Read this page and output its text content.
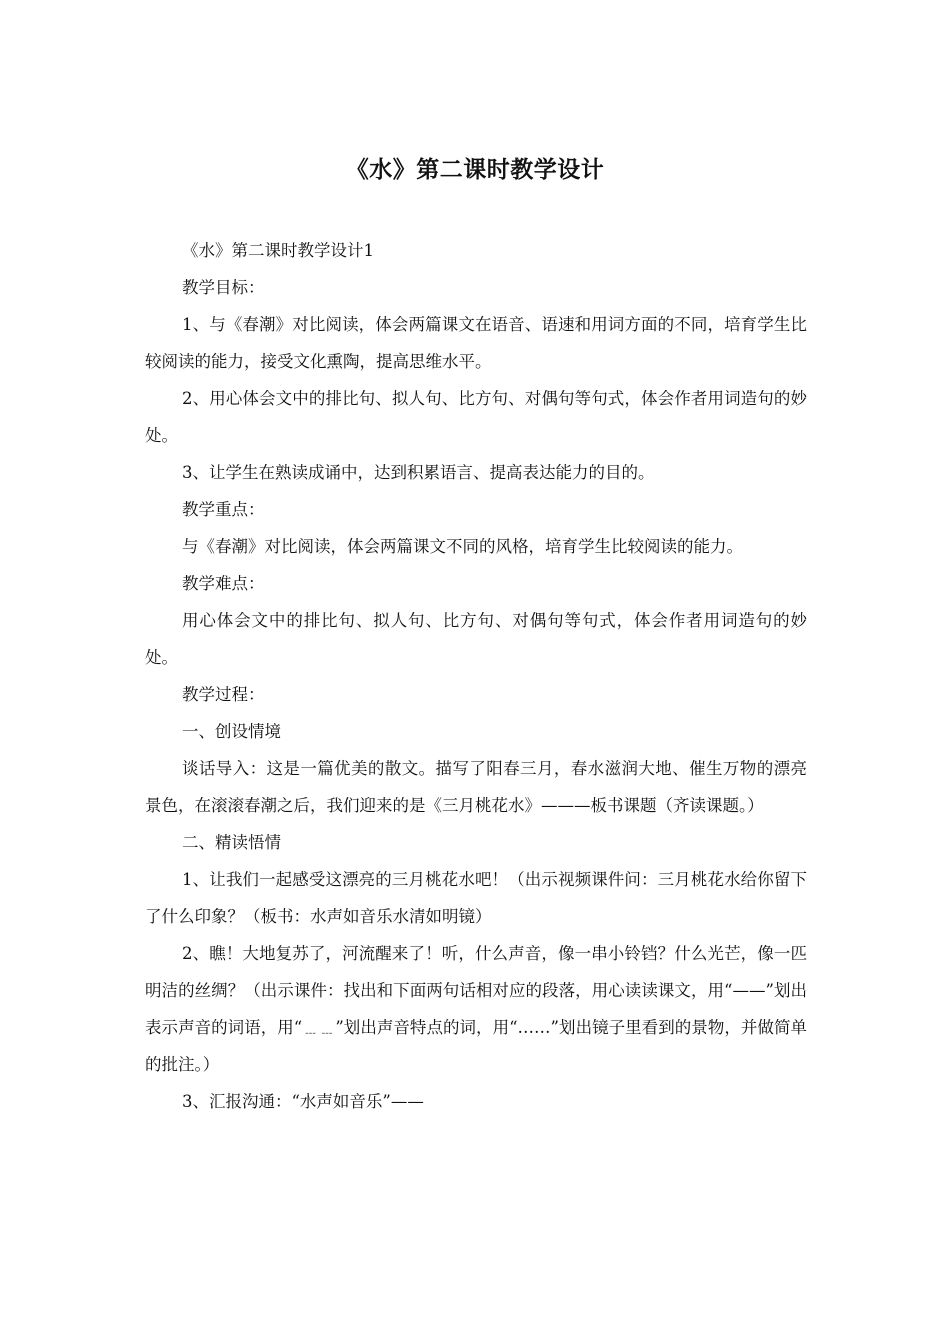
《水》第二课时教学设计

《水》第二课时教学设计1

教学目标：

1、与《春潮》对比阅读，体会两篇课文在语音、语速和用词方面的不同，培育学生比较阅读的能力，接受文化熏陶，提高思维水平。

2、用心体会文中的排比句、拟人句、比方句、对偶句等句式，体会作者用词造句的妙处。

3、让学生在熟读成诵中，达到积累语言、提高表达能力的目的。

教学重点：

与《春潮》对比阅读，体会两篇课文不同的风格，培育学生比较阅读的能力。

教学难点：

用心体会文中的排比句、拟人句、比方句、对偶句等句式，体会作者用词造句的妙处。

教学过程：

一、创设情境

谈话导入：这是一篇优美的散文。描写了阳春三月，春水滋润大地、催生万物的漂亮景色，在滚滚春潮之后，我们迎来的是《三月桃花水》———板书课题（齐读课题。）

二、精读悟情

1、让我们一起感受这漂亮的三月桃花水吧！（出示视频课件问：三月桃花水给你留下了什么印象？（板书：水声如音乐水清如明镜）

2、瞧！大地复苏了，河流醒来了！听，什么声音，像一串小铃铛？什么光芒，像一匹明洁的丝绸？（出示课件：找出和下面两句话相对应的段落，用心读读课文，用“——”划出表示声音的词语，用“﹍﹍”划出声音特点的词，用“……”划出镜子里看到的景物，并做简单的批注。）

3、汇报沟通：“水声如音乐”——
